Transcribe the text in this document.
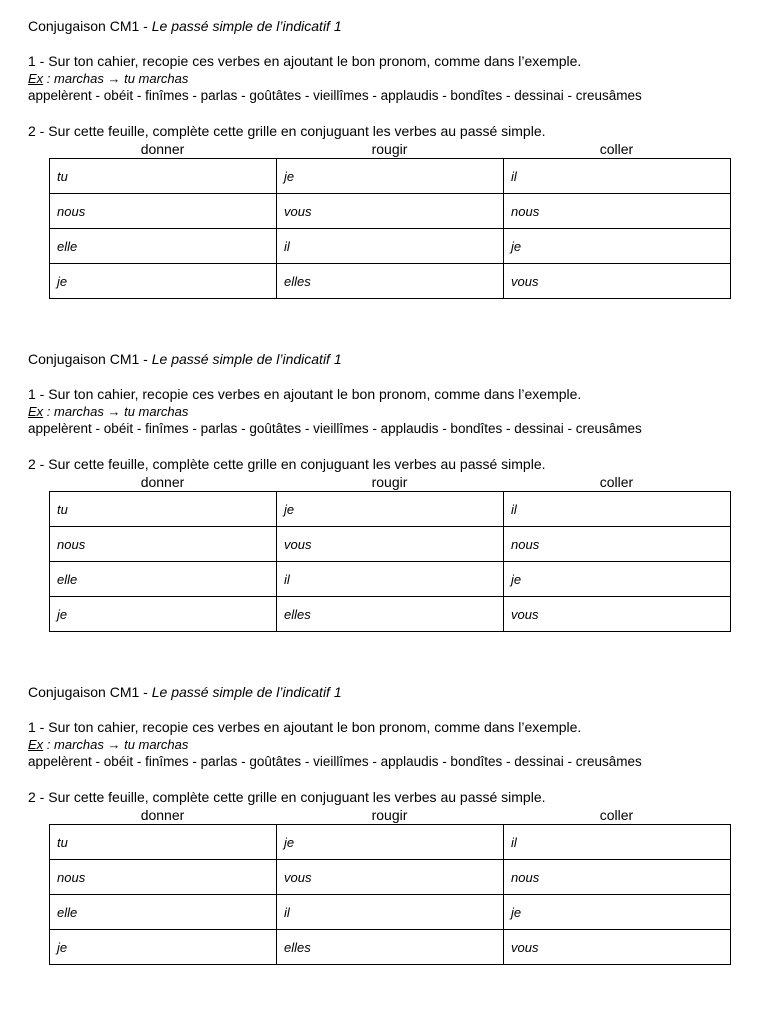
Conjugaison CM1 - Le passé simple de l’indicatif 1
1 - Sur ton cahier, recopie ces verbes en ajoutant le bon pronom, comme dans l’exemple.
Ex : marchas → tu marchas
appelèrent - obéit - finîmes - parlas - goûtâtes - vieillîmes - applaudis - bondîtes - dessinai - creusâmes
2 - Sur cette feuille, complète cette grille en conjuguant les verbes au passé simple.
donner	rougir	coller
tu	je	il
nous	vous	nous
elle	il	je
je	elles	vous
Conjugaison CM1 - Le passé simple de l’indicatif 1
1 - Sur ton cahier, recopie ces verbes en ajoutant le bon pronom, comme dans l’exemple.
Ex : marchas → tu marchas
appelèrent - obéit - finîmes - parlas - goûtâtes - vieillîmes - applaudis - bondîtes - dessinai - creusâmes
2 - Sur cette feuille, complète cette grille en conjuguant les verbes au passé simple.
donner	rougir	coller
tu	je	il
nous	vous	nous
elle	il	je
je	elles	vous
Conjugaison CM1 - Le passé simple de l’indicatif 1
1 - Sur ton cahier, recopie ces verbes en ajoutant le bon pronom, comme dans l’exemple.
Ex : marchas → tu marchas
appelèrent - obéit - finîmes - parlas - goûtâtes - vieillîmes - applaudis - bondîtes - dessinai - creusâmes
2 - Sur cette feuille, complète cette grille en conjuguant les verbes au passé simple.
donner	rougir	coller
tu	je	il
nous	vous	nous
elle	il	je
je	elles	vous
